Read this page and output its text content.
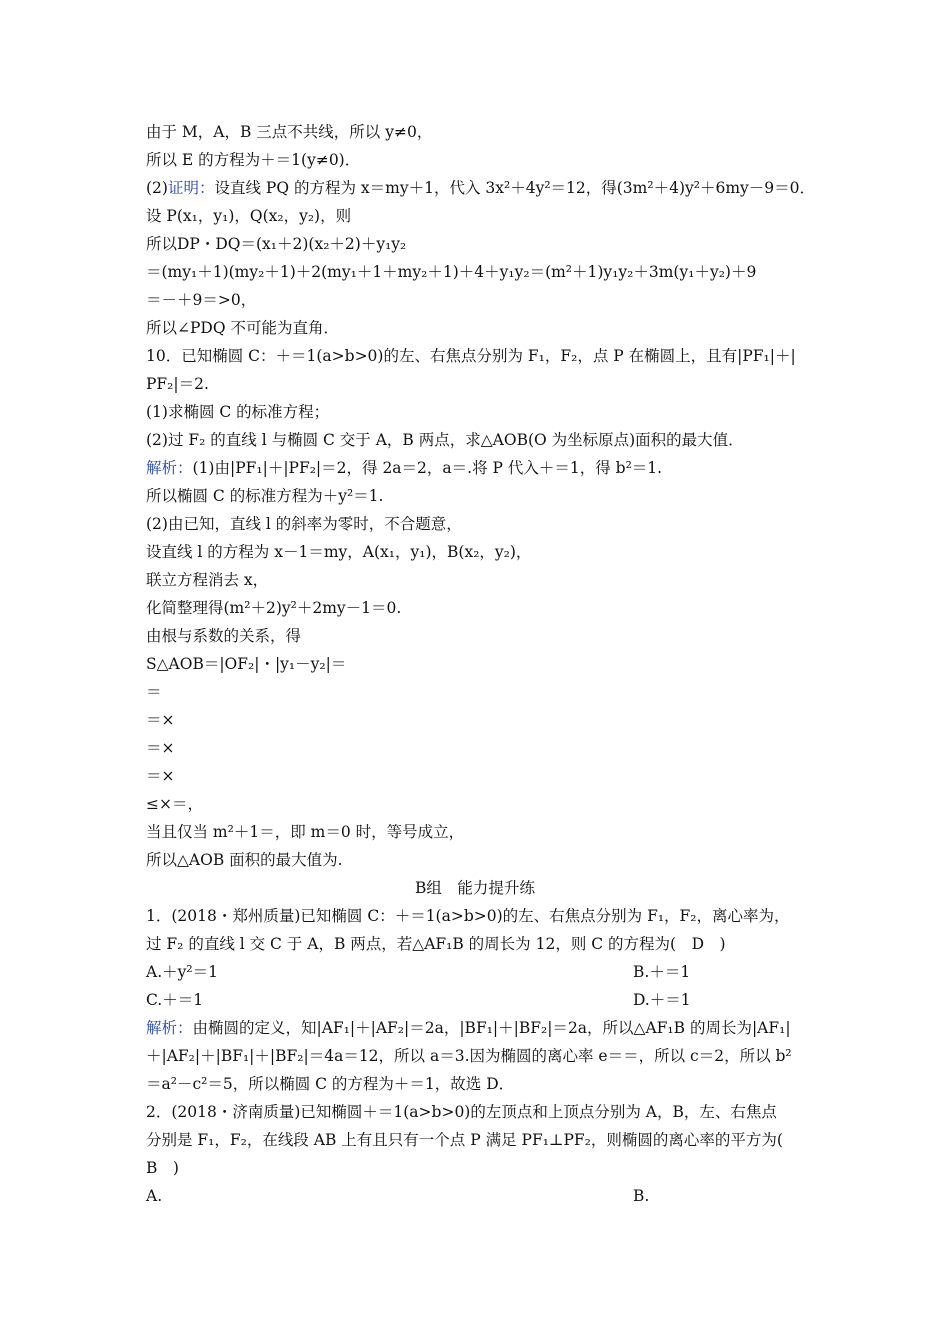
由于 M，A，B 三点不共线，所以 y≠0，
所以 E 的方程为＋＝1(y≠0)．
(2)证明：设直线 PQ 的方程为 x＝my＋1，代入 3x²＋4y²＝12，得(3m²＋4)y²＋6my－9＝0．
设 P(x₁，y₁)，Q(x₂，y₂)，则
所以DP・DQ＝(x₁＋2)(x₂＋2)＋y₁y₂
＝(my₁＋1)(my₂＋1)＋2(my₁＋1＋my₂＋1)＋4＋y₁y₂＝(m²＋1)y₁y₂＋3m(y₁＋y₂)＋9
＝－＋9＝>0，
所以∠PDQ 不可能为直角．
10．已知椭圆 C：＋＝1(a>b>0)的左、右焦点分别为 F₁，F₂，点 P 在椭圆上，且有|PF₁|＋|
PF₂|＝2.
(1)求椭圆 C 的标准方程；
(2)过 F₂ 的直线 l 与椭圆 C 交于 A，B 两点，求△AOB(O 为坐标原点)面积的最大值．
解析：(1)由|PF₁|＋|PF₂|＝2，得 2a＝2，a＝.将 P 代入＋＝1，得 b²＝1.
所以椭圆 C 的标准方程为＋y²＝1.
(2)由已知，直线 l 的斜率为零时，不合题意，
设直线 l 的方程为 x－1＝my，A(x₁，y₁)，B(x₂，y₂)，
联立方程消去 x，
化简整理得(m²＋2)y²＋2my－1＝0.
由根与系数的关系，得
S△AOB＝|OF₂|・|y₁－y₂|＝
＝
＝×
＝×
＝×
≤×＝，
当且仅当 m²＋1＝，即 m＝0 时，等号成立，
所以△AOB 面积的最大值为.
B组　能力提升练
1．(2018・郑州质量)已知椭圆 C：＋＝1(a>b>0)的左、右焦点分别为 F₁，F₂，离心率为，
过 F₂ 的直线 l 交 C 于 A，B 两点，若△AF₁B 的周长为 12，则 C 的方程为(　D　)
A.＋y²＝1	B.＋＝1
C.＋＝1	D.＋＝1
解析：由椭圆的定义，知|AF₁|＋|AF₂|＝2a，|BF₁|＋|BF₂|＝2a，所以△AF₁B 的周长为|AF₁|
＋|AF₂|＋|BF₁|＋|BF₂|＝4a＝12，所以 a＝3.因为椭圆的离心率 e＝＝，所以 c＝2，所以 b²
＝a²－c²＝5，所以椭圆 C 的方程为＋＝1，故选 D．
2．(2018・济南质量)已知椭圆＋＝1(a>b>0)的左顶点和上顶点分别为 A，B，左、右焦点
分别是 F₁，F₂，在线段 AB 上有且只有一个点 P 满足 PF₁⊥PF₂，则椭圆的离心率的平方为(
B　)
A.	B.
